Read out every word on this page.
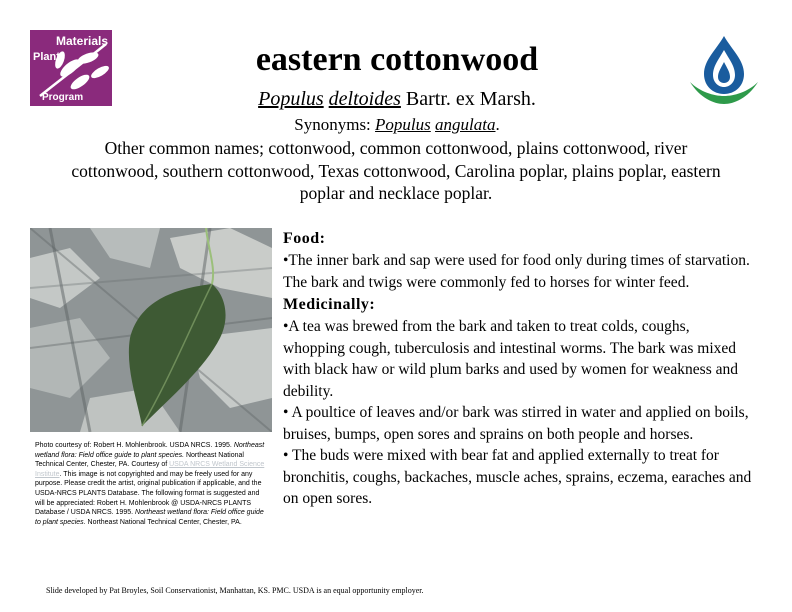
Materials
Plant
Program
eastern cottonwood
Populus deltoides Bartr. ex Marsh.
Synonyms: Populus angulata.
Other common names; cottonwood, common cottonwood, plains cottonwood, river cottonwood, southern cottonwood, Texas cottonwood, Carolina poplar, plains poplar, eastern poplar and necklace poplar.
Photo courtesy of: Robert H. Mohlenbrook. USDA NRCS. 1995. Northeast wetland flora: Field office guide to plant species. Northeast National Technical Center, Chester, PA. Courtesy of USDA NRCS Wetland Science Institute. This image is not copyrighted and may be freely used for any purpose. Please credit the artist, original publication if applicable, and the USDA-NRCS PLANTS Database. The following format is suggested and will be appreciated: Robert H. Mohlenbrook @ USDA-NRCS PLANTS Database / USDA NRCS. 1995. Northeast wetland flora: Field office guide to plant species. Northeast National Technical Center, Chester, PA.
Food:

•The inner bark and sap were used for food only during times of starvation. The bark and twigs were commonly fed to horses for winter feed.

Medicinally:

•A tea was brewed from the bark and taken to treat colds, coughs, whopping cough, tuberculosis and intestinal worms. The bark was mixed with black haw or wild plum barks and used by women for weakness and debility.

• A poultice of leaves and/or bark was stirred in water and applied on boils, bruises, bumps, open sores and sprains on both people and horses.

• The buds were mixed with bear fat and applied externally to treat for bronchitis, coughs, backaches, muscle aches, sprains, eczema, earaches and on open sores.

Slide developed by Pat Broyles, Soil Conservationist, Manhattan, KS. PMC. USDA is an equal opportunity employer.
